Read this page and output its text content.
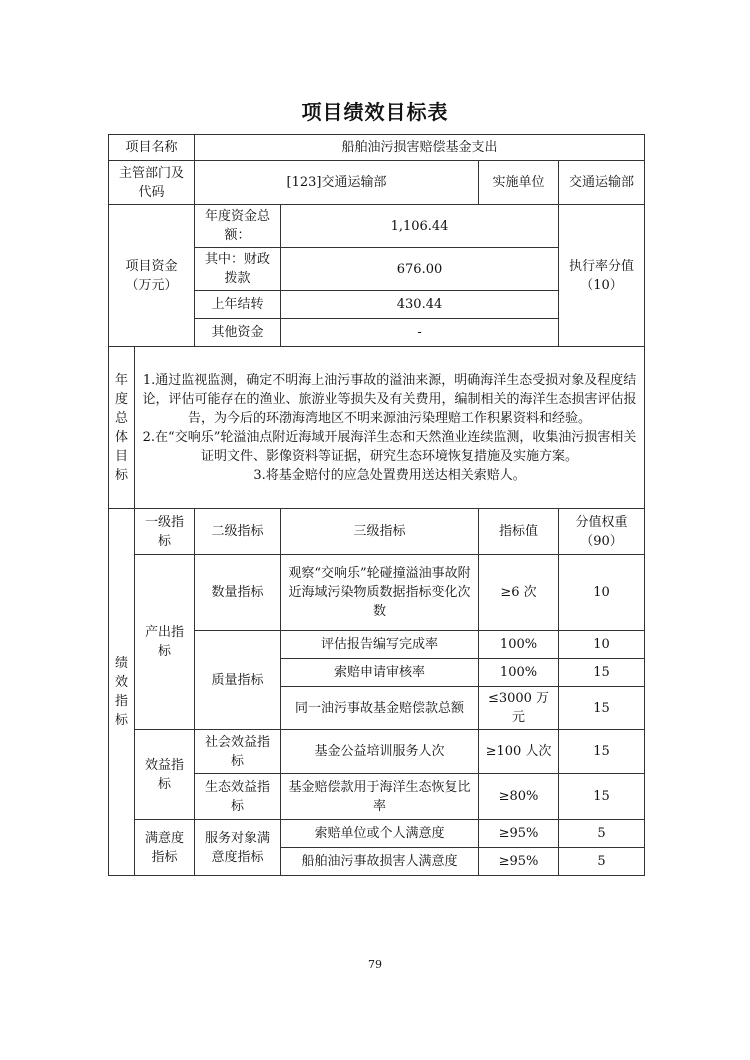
项目绩效目标表
项目名称		船舶油污损害赔偿基金支出			
主管部门及代码		[123]交通运输部		实施单位	交通运输部
项目资金（万元）		年度资金总额：	1,106.44		执行率分值（10）
		其中：财政拨款	676.00		
		上年结转	430.44		
		其他资金	-		
年度总体目标	1.通过监视监测，确定不明海上油污事故的溢油来源，明确海洋生态受损对象及程度结论，评估可能存在的渔业、旅游业等损失及有关费用，编制相关的海洋生态损害评估报告，为今后的环渤海湾地区不明来源油污染理赔工作积累资料和经验。
2.在“交响乐”轮溢油点附近海域开展海洋生态和天然渔业连续监测，收集油污损害相关证明文件、影像资料等证据，研究生态环境恢复措施及实施方案。
3.将基金赔付的应急处置费用送达相关索赔人。				

绩效指标	一级指标	二级指标	三级指标	指标值	分值权重（90）
	产出指标	数量指标	观察“交响乐”轮碰撞溢油事故附近海域污染物质数据指标变化次数	≥6 次	10
		质量指标	评估报告编写完成率	100%	10
			索赔申请审核率	100%	15
			同一油污事故基金赔偿款总额	≤3000 万元	15
	效益指标	社会效益指标	基金公益培训服务人次	≥100 人次	15
		生态效益指标	基金赔偿款用于海洋生态恢复比率	≥80%	15
	满意度指标	服务对象满意度指标	索赔单位或个人满意度	≥95%	5
			船舶油污事故损害人满意度	≥95%	5
79
